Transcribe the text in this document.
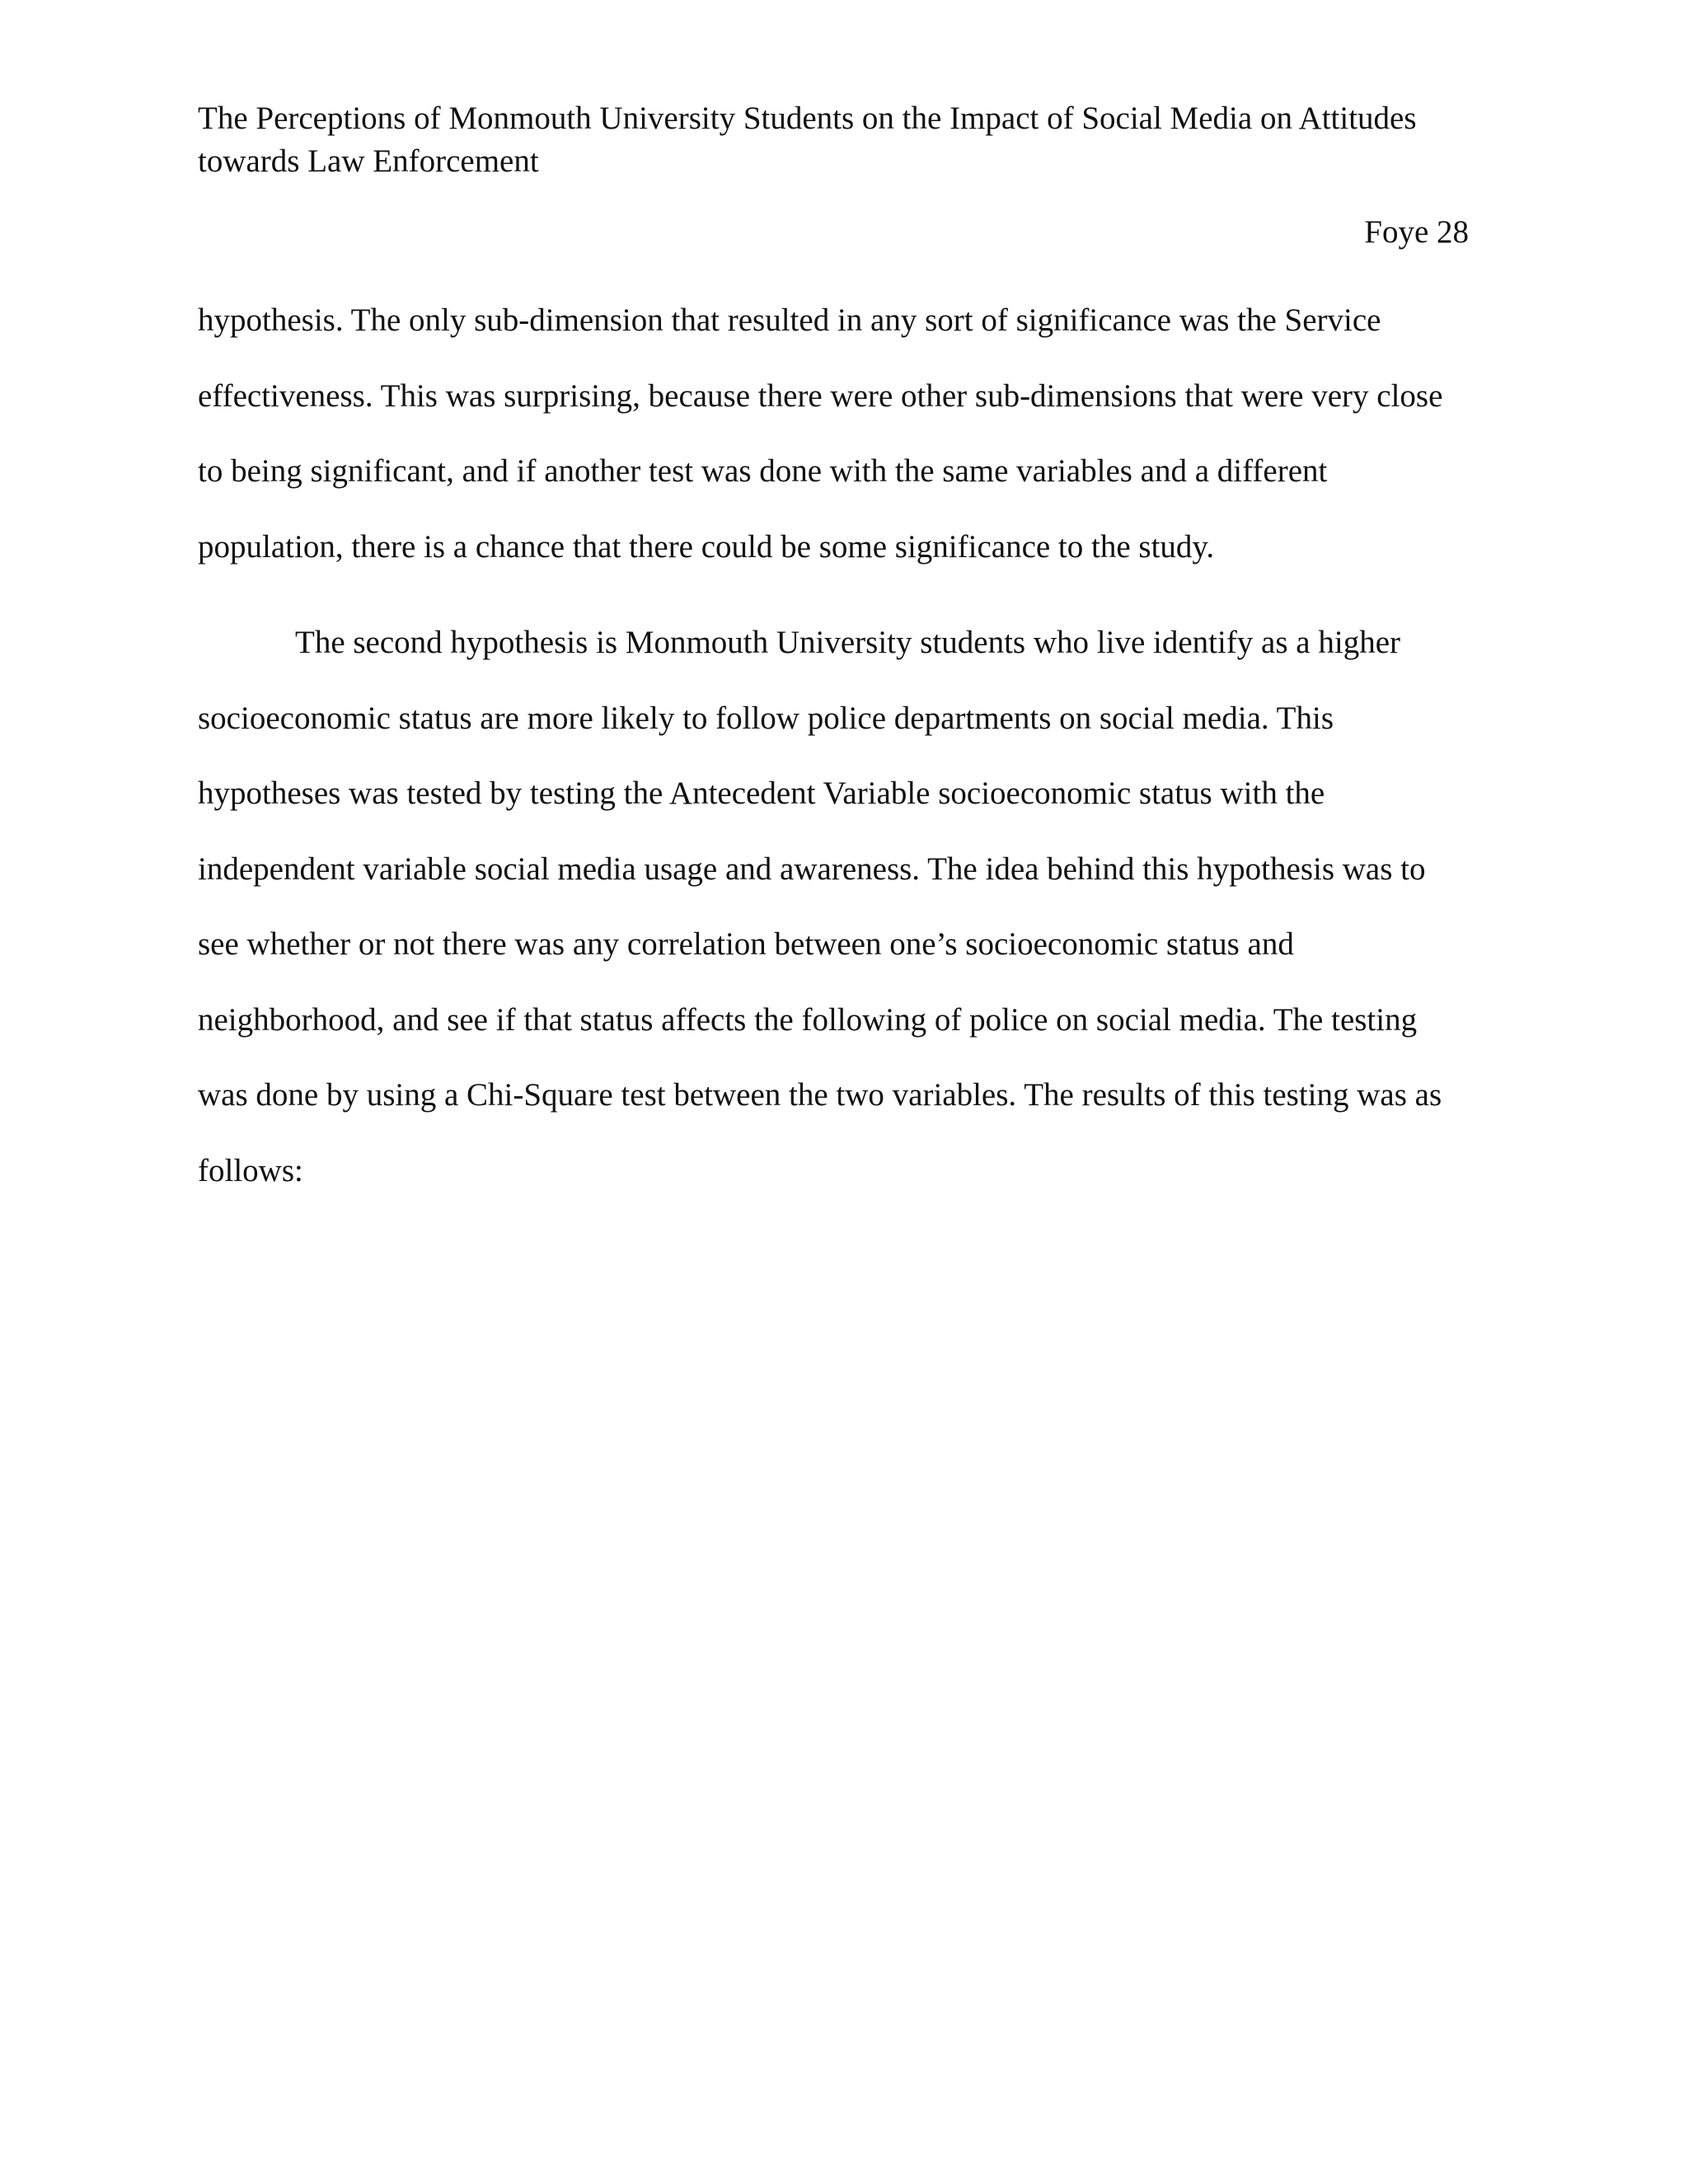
The Perceptions of Monmouth University Students on the Impact of Social Media on Attitudes
towards Law Enforcement
Foye 28

hypothesis. The only sub-dimension that resulted in any sort of significance was the Service
effectiveness. This was surprising, because there were other sub-dimensions that were very close
to being significant, and if another test was done with the same variables and a different
population, there is a chance that there could be some significance to the study.

The second hypothesis is Monmouth University students who live identify as a higher
socioeconomic status are more likely to follow police departments on social media. This
hypotheses was tested by testing the Antecedent Variable socioeconomic status with the
independent variable social media usage and awareness. The idea behind this hypothesis was to
see whether or not there was any correlation between one’s socioeconomic status and
neighborhood, and see if that status affects the following of police on social media. The testing
was done by using a Chi-Square test between the two variables. The results of this testing was as
follows:
